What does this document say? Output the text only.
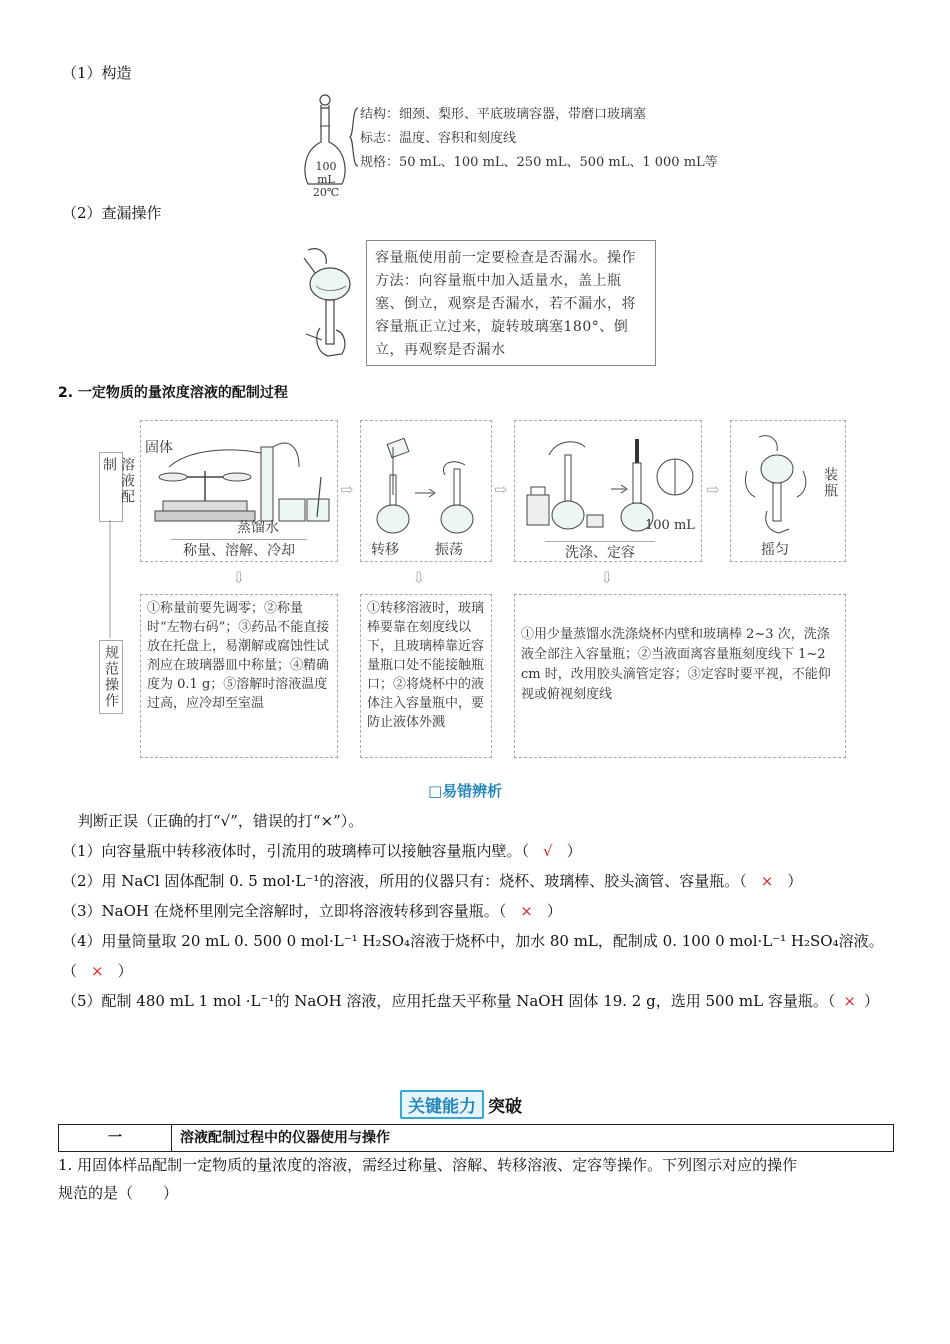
（1）构造
100 mL
20℃
结构：细颈、梨形、平底玻璃容器，带磨口玻璃塞
标志：温度、容积和刻度线
规格：50 mL、100 mL、250 mL、500 mL、1 000 mL等
（2）查漏操作
容量瓶使用前一定要检查是否漏水。操作方法：向容量瓶中加入适量水，盖上瓶塞、倒立，观察是否漏水，若不漏水，将容量瓶正立过来，旋转玻璃塞180°、倒立，再观察是否漏水
2. 一定物质的量浓度溶液的配制过程
溶液配制
规范操作
固体
蒸馏水
称量、溶解、冷却
⇨
转移	振荡
⇨
100 mL
洗涤、定容
⇨	装瓶
摇匀
⇩	⇩	⇩
①称量前要先调零；②称量时“左物右码”；③药品不能直接放在托盘上，易潮解或腐蚀性试剂应在玻璃器皿中称量；④精确度为 0.1 g；⑤溶解时溶液温度过高，应冷却至室温
①转移溶液时，玻璃棒要靠在刻度线以下，且玻璃棒靠近容量瓶口处不能接触瓶口；②将烧杯中的液体注入容量瓶中，要防止液体外溅
①用少量蒸馏水洗涤烧杯内壁和玻璃棒 2~3 次，洗涤液全部注入容量瓶；②当液面离容量瓶刻度线下 1~2 cm 时，改用胶头滴管定容；③定容时要平视，不能仰视或俯视刻度线
□易错辨析
判断正误（正确的打“√”，错误的打“×”）。
（1）向容量瓶中转移液体时，引流用的玻璃棒可以接触容量瓶内壁。（ √ ）
（2）用 NaCl 固体配制 0. 5 mol·L⁻¹的溶液，所用的仪器只有：烧杯、玻璃棒、胶头滴管、容量瓶。（ × ）
（3）NaOH 在烧杯里刚完全溶解时，立即将溶液转移到容量瓶。（ × ）
（4）用量筒量取 20 mL 0. 500 0 mol·L⁻¹ H₂SO₄溶液于烧杯中，加水 80 mL，配制成 0. 100 0 mol·L⁻¹ H₂SO₄溶液。
（ × ）
（5）配制 480 mL 1 mol ·L⁻¹的 NaOH 溶液，应用托盘天平称量 NaOH 固体 19. 2 g，选用 500 mL 容量瓶。（ × ）
关键能力 突破
一	溶液配制过程中的仪器使用与操作
1. 用固体样品配制一定物质的量浓度的溶液，需经过称量、溶解、转移溶液、定容等操作。下列图示对应的操作
规范的是（　　）
